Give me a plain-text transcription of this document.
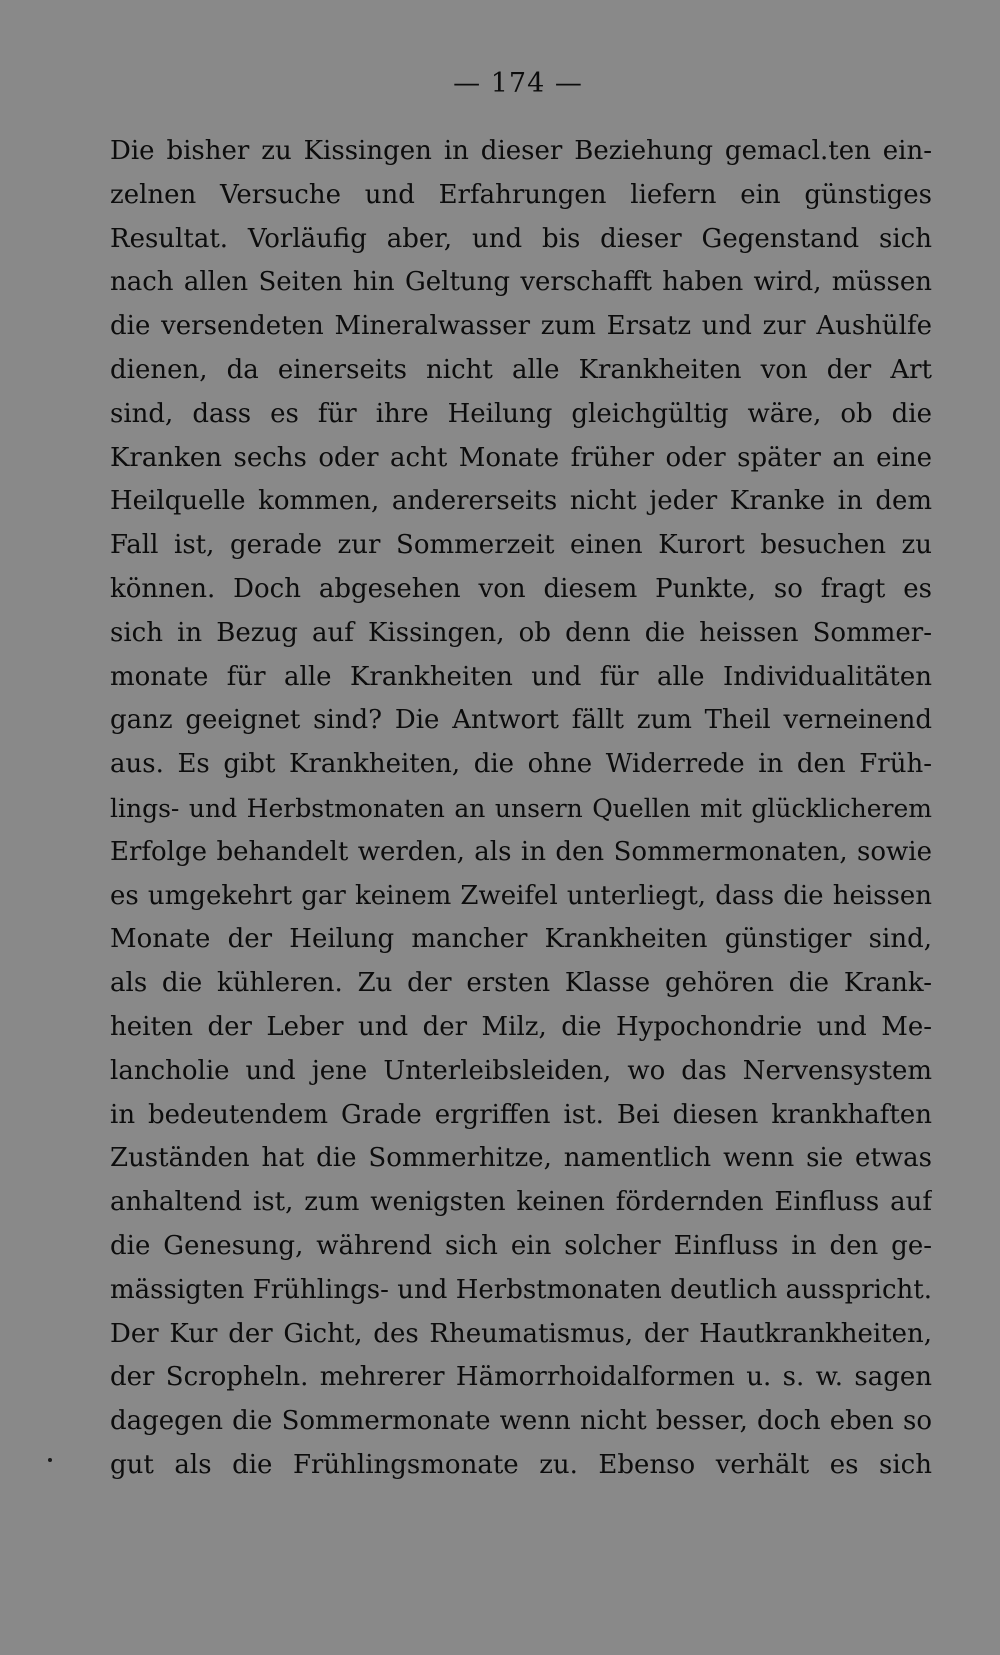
— 174 —
Die bisher zu Kissingen in dieser Beziehung gemacl.ten ein-
zelnen Versuche und Erfahrungen liefern ein günstiges
Resultat. Vorläufig aber, und bis dieser Gegenstand sich
nach allen Seiten hin Geltung verschafft haben wird, müssen
die versendeten Mineralwasser zum Ersatz und zur Aushülfe
dienen, da einerseits nicht alle Krankheiten von der Art
sind, dass es für ihre Heilung gleichgültig wäre, ob die
Kranken sechs oder acht Monate früher oder später an eine
Heilquelle kommen, andererseits nicht jeder Kranke in dem
Fall ist, gerade zur Sommerzeit einen Kurort besuchen zu
können. Doch abgesehen von diesem Punkte, so fragt es
sich in Bezug auf Kissingen, ob denn die heissen Sommer-
monate für alle Krankheiten und für alle Individualitäten
ganz geeignet sind? Die Antwort fällt zum Theil verneinend
aus. Es gibt Krankheiten, die ohne Widerrede in den Früh-
lings- und Herbstmonaten an unsern Quellen mit glücklicherem
Erfolge behandelt werden, als in den Sommermonaten, sowie
es umgekehrt gar keinem Zweifel unterliegt, dass die heissen
Monate der Heilung mancher Krankheiten günstiger sind,
als die kühleren. Zu der ersten Klasse gehören die Krank-
heiten der Leber und der Milz, die Hypochondrie und Me-
lancholie und jene Unterleibsleiden, wo das Nervensystem
in bedeutendem Grade ergriffen ist. Bei diesen krankhaften
Zuständen hat die Sommerhitze, namentlich wenn sie etwas
anhaltend ist, zum wenigsten keinen fördernden Einfluss auf
die Genesung, während sich ein solcher Einfluss in den ge-
mässigten Frühlings- und Herbstmonaten deutlich ausspricht.
Der Kur der Gicht, des Rheumatismus, der Hautkrankheiten,
der Scropheln. mehrerer Hämorrhoidalformen u. s. w. sagen
dagegen die Sommermonate wenn nicht besser, doch eben so
gut als die Frühlingsmonate zu. Ebenso verhält es sich
